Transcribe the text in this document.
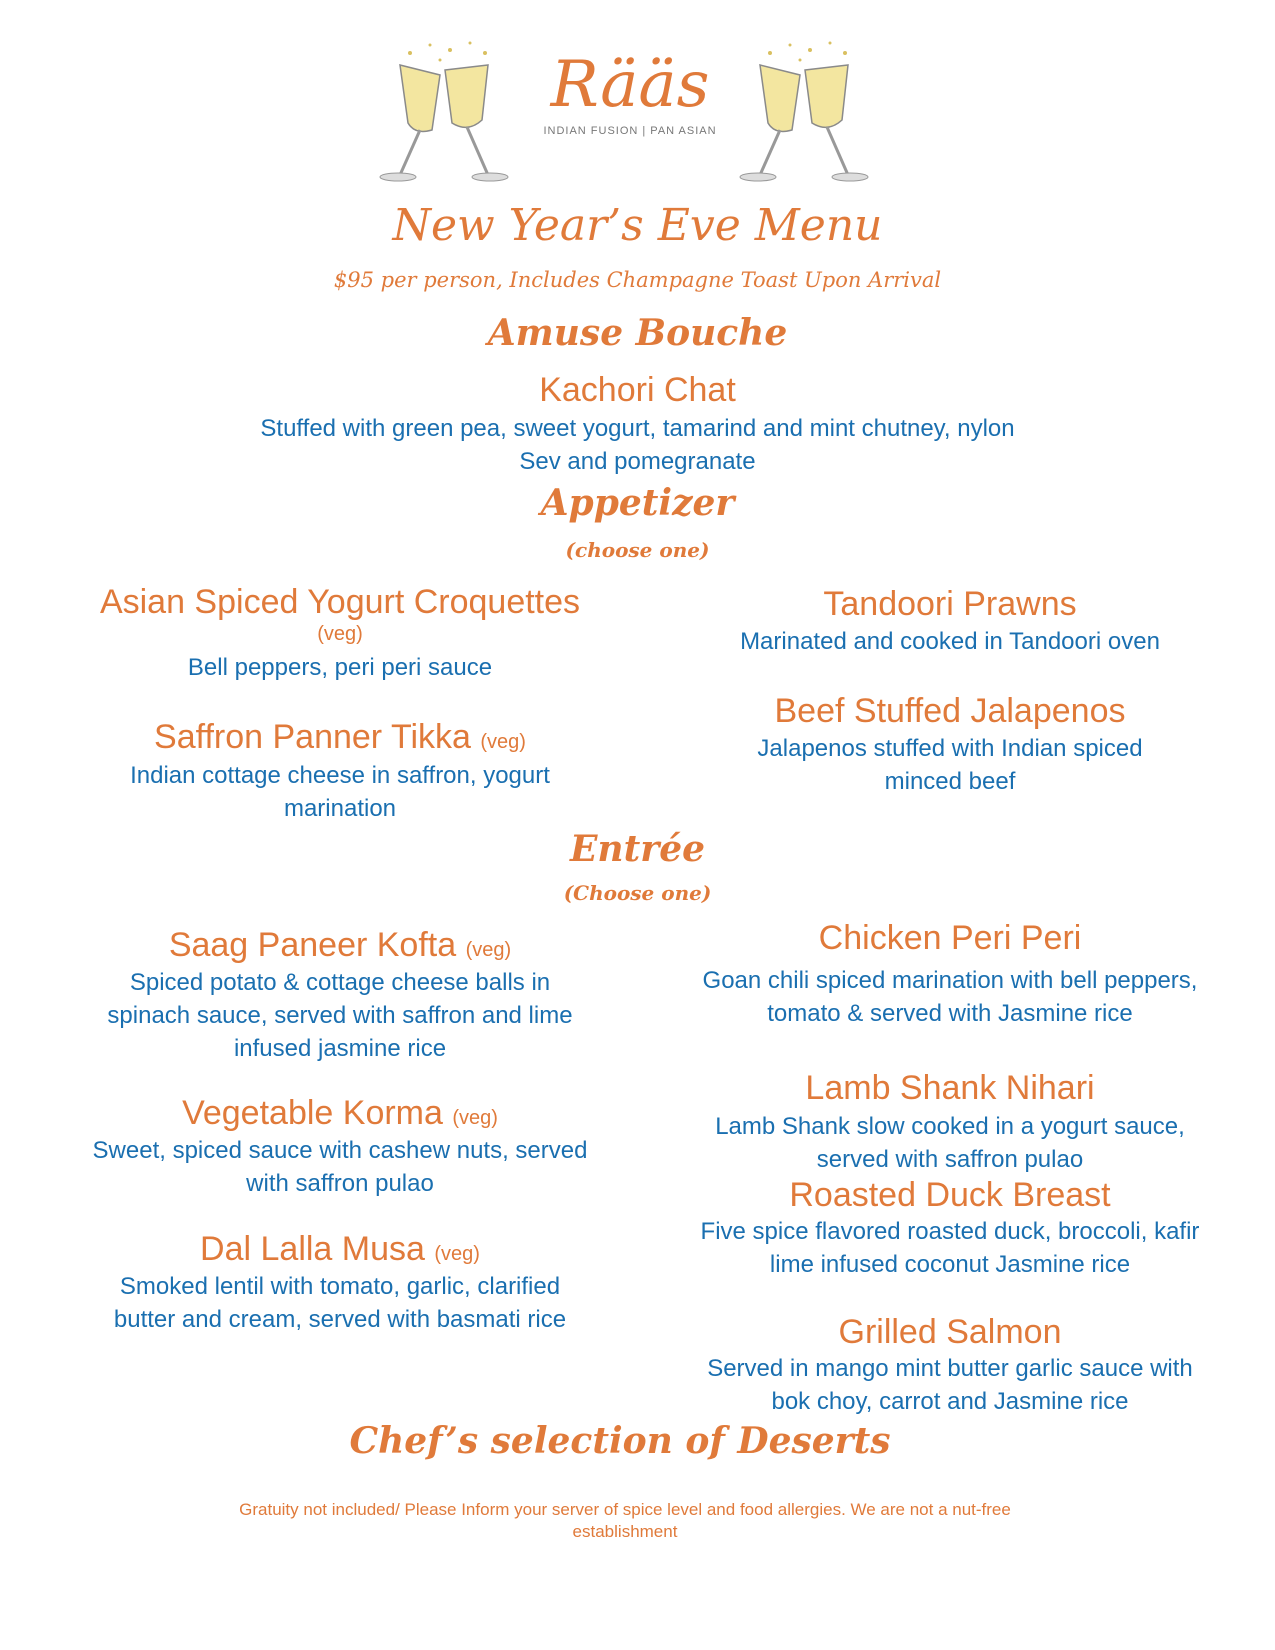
Rääs
INDIAN FUSION | PAN ASIAN
New Year’s Eve Menu
$95 per person, Includes Champagne Toast Upon Arrival
Amuse Bouche
Kachori Chat
Stuffed with green pea, sweet yogurt, tamarind and mint chutney, nylon
Sev and pomegranate
Appetizer
(choose one)
Asian Spiced Yogurt Croquettes
(veg)
Bell peppers, peri peri sauce
Saffron Panner Tikka (veg)
Indian cottage cheese in saffron, yogurt
marination
Tandoori Prawns
Marinated and cooked in Tandoori oven
Beef Stuffed Jalapenos
Jalapenos stuffed with Indian spiced
minced beef
Entrée
(Choose one)
Saag Paneer Kofta (veg)
Spiced potato & cottage cheese balls in
spinach sauce, served with saffron and lime
infused jasmine rice
Vegetable Korma (veg)
Sweet, spiced sauce with cashew nuts, served
with saffron pulao
Dal Lalla Musa (veg)
Smoked lentil with tomato, garlic, clarified
butter and cream, served with basmati rice
Chicken Peri Peri
Goan chili spiced marination with bell peppers,
tomato & served with Jasmine rice
Lamb Shank Nihari
Lamb Shank slow cooked in a yogurt sauce,
served with saffron pulao
Roasted Duck Breast
Five spice flavored roasted duck, broccoli, kafir
lime infused coconut Jasmine rice
Grilled Salmon
Served in mango mint butter garlic sauce with
bok choy, carrot and Jasmine rice
Chef’s selection of Deserts
Gratuity not included/ Please Inform your server of spice level and food allergies. We are not a nut-free
establishment
